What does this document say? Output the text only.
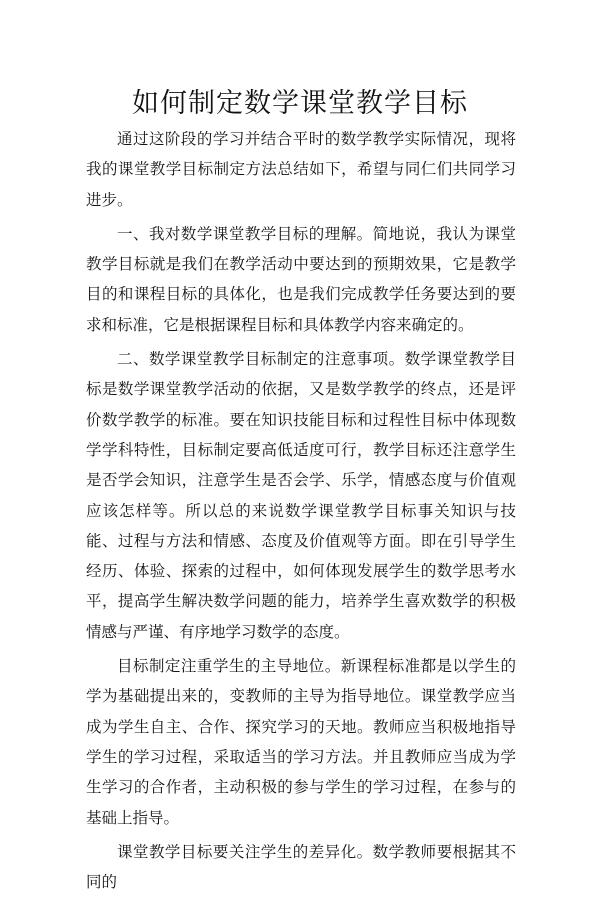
如何制定数学课堂教学目标

通过这阶段的学习并结合平时的数学教学实际情况，现将我的课堂教学目标制定方法总结如下，希望与同仁们共同学习进步。

一、我对数学课堂教学目标的理解。简地说，我认为课堂教学目标就是我们在教学活动中要达到的预期效果，它是教学目的和课程目标的具体化，也是我们完成教学任务要达到的要求和标准，它是根据课程目标和具体教学内容来确定的。

二、数学课堂教学目标制定的注意事项。数学课堂教学目标是数学课堂教学活动的依据，又是数学教学的终点，还是评价数学教学的标准。要在知识技能目标和过程性目标中体现数学学科特性，目标制定要高低适度可行，教学目标还注意学生是否学会知识，注意学生是否会学、乐学，情感态度与价值观应该怎样等。所以总的来说数学课堂教学目标事关知识与技能、过程与方法和情感、态度及价值观等方面。即在引导学生经历、体验、探索的过程中，如何体现发展学生的数学思考水平，提高学生解决数学问题的能力，培养学生喜欢数学的积极情感与严谨、有序地学习数学的态度。

目标制定注重学生的主导地位。新课程标准都是以学生的学为基础提出来的，变教师的主导为指导地位。课堂教学应当成为学生自主、合作、探究学习的天地。教师应当积极地指导学生的学习过程，采取适当的学习方法。并且教师应当成为学生学习的合作者，主动积极的参与学生的学习过程，在参与的基础上指导。

课堂教学目标要关注学生的差异化。数学教师要根据其不同的
